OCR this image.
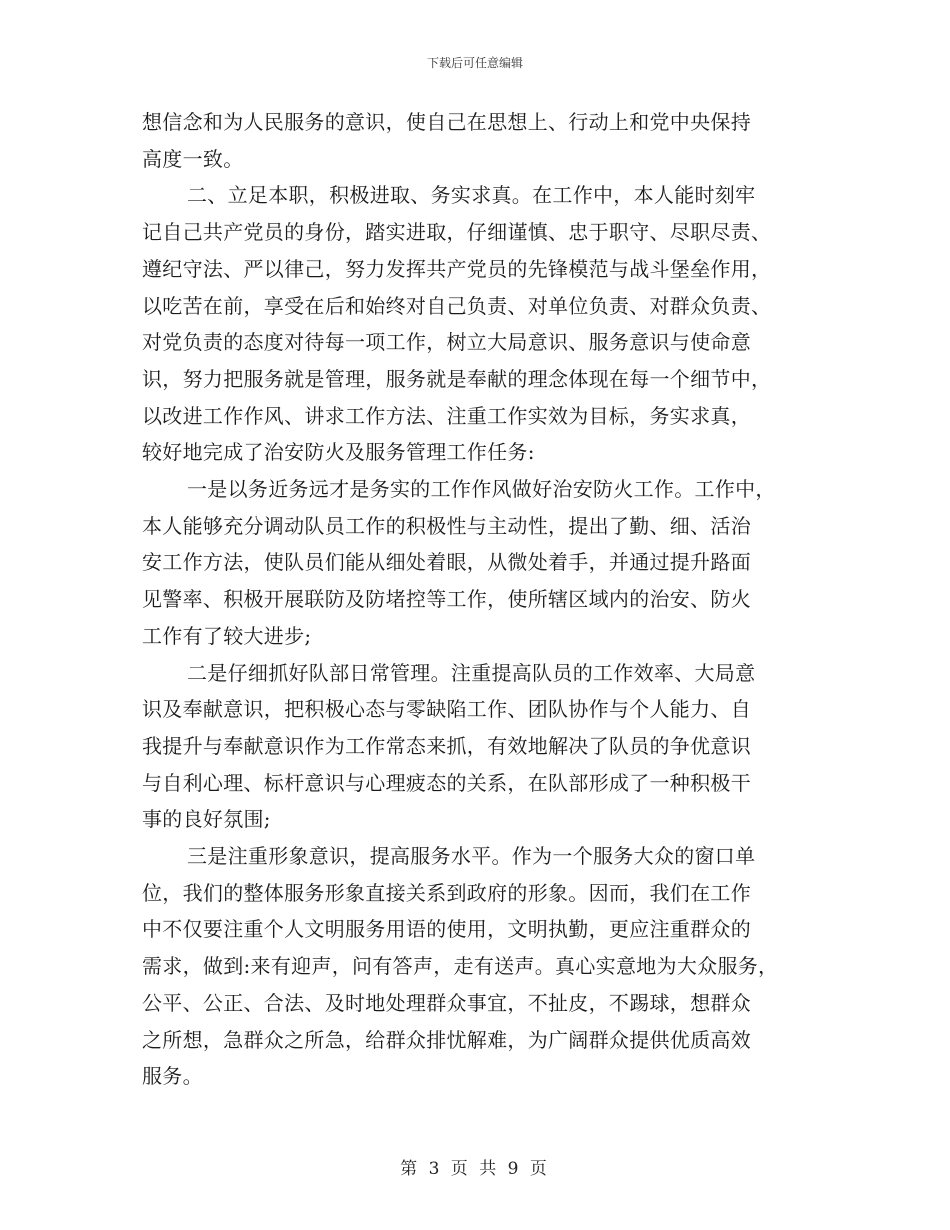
下载后可任意编辑
想信念和为人民服务的意识，使自己在思想上、行动上和党中央保持
高度一致。
二、立足本职，积极进取、务实求真。在工作中，本人能时刻牢
记自己共产党员的身份，踏实进取，仔细谨慎、忠于职守、尽职尽责、
遵纪守法、严以律己，努力发挥共产党员的先锋模范与战斗堡垒作用，
以吃苦在前，享受在后和始终对自己负责、对单位负责、对群众负责、
对党负责的态度对待每一项工作，树立大局意识、服务意识与使命意
识，努力把服务就是管理，服务就是奉献的理念体现在每一个细节中，
以改进工作作风、讲求工作方法、注重工作实效为目标，务实求真，
较好地完成了治安防火及服务管理工作任务:
一是以务近务远才是务实的工作作风做好治安防火工作。工作中，
本人能够充分调动队员工作的积极性与主动性，提出了勤、细、活治
安工作方法，使队员们能从细处着眼，从微处着手，并通过提升路面
见警率、积极开展联防及防堵控等工作，使所辖区域内的治安、防火
工作有了较大进步;
二是仔细抓好队部日常管理。注重提高队员的工作效率、大局意
识及奉献意识，把积极心态与零缺陷工作、团队协作与个人能力、自
我提升与奉献意识作为工作常态来抓，有效地解决了队员的争优意识
与自利心理、标杆意识与心理疲态的关系，在队部形成了一种积极干
事的良好氛围;
三是注重形象意识，提高服务水平。作为一个服务大众的窗口单
位，我们的整体服务形象直接关系到政府的形象。因而，我们在工作
中不仅要注重个人文明服务用语的使用，文明执勤，更应注重群众的
需求，做到:来有迎声，问有答声，走有送声。真心实意地为大众服务，
公平、公正、合法、及时地处理群众事宜，不扯皮，不踢球，想群众
之所想，急群众之所急，给群众排忧解难，为广阔群众提供优质高效
服务。
第 3 页 共 9 页
